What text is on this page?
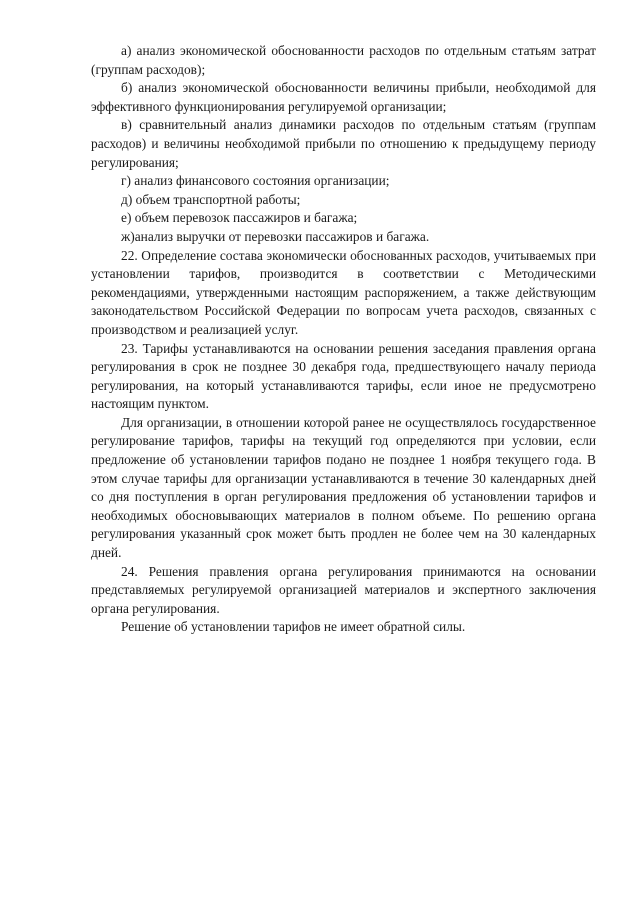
а) анализ экономической обоснованности расходов по отдельным статьям затрат (группам расходов);

б) анализ экономической обоснованности величины прибыли, необходимой для эффективного функционирования регулируемой организации;

в) сравнительный анализ динамики расходов по отдельным статьям (группам расходов) и величины необходимой прибыли по отношению к предыдущему периоду регулирования;

г) анализ финансового состояния организации;

д) объем транспортной работы;

е) объем перевозок пассажиров и багажа;

ж)анализ выручки от перевозки пассажиров и багажа.

22. Определение состава экономически обоснованных расходов, учитываемых при установлении тарифов, производится в соответствии с Методическими рекомендациями, утвержденными настоящим распоряжением, а также действующим законодательством Российской Федерации по вопросам учета расходов, связанных с производством и реализацией услуг.

23. Тарифы устанавливаются на основании решения заседания правления органа регулирования в срок не позднее 30 декабря года, предшествующего началу периода регулирования, на который устанавливаются тарифы, если иное не предусмотрено настоящим пунктом.

Для организации, в отношении которой ранее не осуществлялось государственное регулирование тарифов, тарифы на текущий год определяются при условии, если предложение об установлении тарифов подано не позднее 1 ноября текущего года. В этом случае тарифы для организации устанавливаются в течение 30 календарных дней со дня поступления в орган регулирования предложения об установлении тарифов и необходимых обосновывающих материалов в полном объеме. По решению органа регулирования указанный срок может быть продлен не более чем на 30 календарных дней.

24. Решения правления органа регулирования принимаются на основании представляемых регулируемой организацией материалов и экспертного заключения органа регулирования.

Решение об установлении тарифов не имеет обратной силы.
